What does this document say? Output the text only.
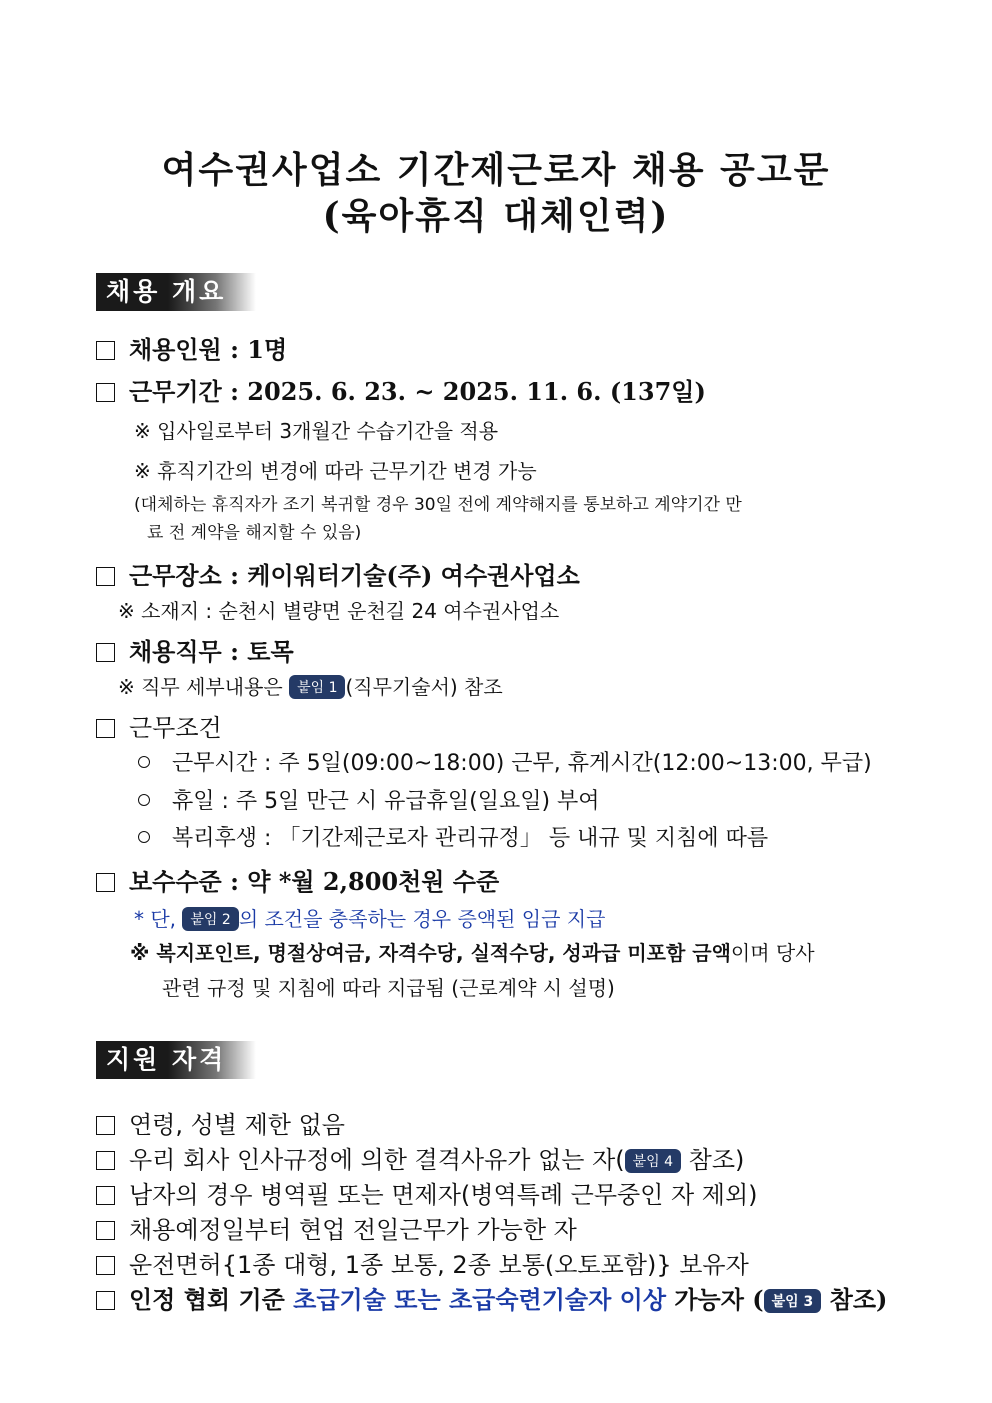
여수권사업소 기간제근로자 채용 공고문
(육아휴직 대체인력)
채용 개요
채용인원 : 1명
근무기간 : 2025. 6. 23. ~ 2025. 11. 6. (137일)
※ 입사일로부터 3개월간 수습기간을 적용
※ 휴직기간의 변경에 따라 근무기간 변경 가능
(대체하는 휴직자가 조기 복귀할 경우 30일 전에 계약해지를 통보하고 계약기간 만
료 전 계약을 해지할 수 있음)
근무장소 : 케이워터기술(주) 여수권사업소
※ 소재지 : 순천시 별량면 운천길 24 여수권사업소
채용직무 : 토목
※ 직무 세부내용은 붙임 1 (직무기술서) 참조
근무조건
근무시간 : 주 5일(09:00~18:00) 근무, 휴게시간(12:00~13:00, 무급)
휴일 : 주 5일 만근 시 유급휴일(일요일) 부여
복리후생 : 「기간제근로자 관리규정」 등 내규 및 지침에 따름
보수수준 : 약 *월 2,800천원 수준
* 단, 붙임 2 의 조건을 충족하는 경우 증액된 임금 지급
※ 복지포인트, 명절상여금, 자격수당, 실적수당, 성과급 미포함 금액이며 당사
관련 규정 및 지침에 따라 지급됨 (근로계약 시 설명)
지원 자격
연령, 성별 제한 없음
우리 회사 인사규정에 의한 결격사유가 없는 자( 붙임 4 참조)
남자의 경우 병역필 또는 면제자(병역특례 근무중인 자 제외)
채용예정일부터 현업 전일근무가 가능한 자
운전면허{1종 대형, 1종 보통, 2종 보통(오토포함)} 보유자
인정 협회 기준 초급기술 또는 초급숙련기술자 이상 가능자 ( 붙임 3 참조)
